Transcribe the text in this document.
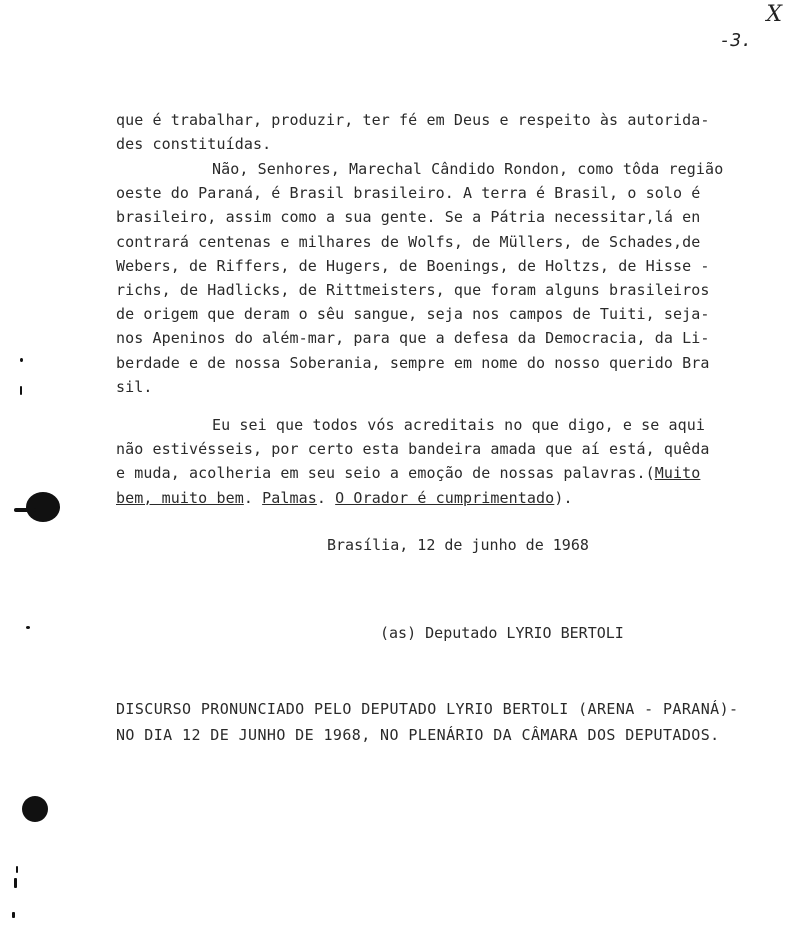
X
-3.
que é trabalhar, produzir, ter fé em Deus e respeito às autorida-
des constituídas.
Não, Senhores, Marechal Cândido Rondon, como tôda região
oeste do Paraná, é Brasil brasileiro. A terra é Brasil, o solo é
brasileiro, assim como a sua gente. Se a Pátria necessitar,lá en
contrará centenas e milhares de Wolfs, de Müllers, de Schades,de
Webers, de Riffers, de Hugers, de Boenings, de Holtzs, de Hisse -
richs, de Hadlicks, de Rittmeisters, que foram alguns brasileiros
de origem que deram o sêu sangue, seja nos campos de Tuiti, seja-
nos Apeninos do além-mar, para que a defesa da Democracia, da Li-
berdade e de nossa Soberania, sempre em nome do nosso querido Bra
sil.
Eu sei que todos vós acreditais no que digo, e se aqui
não estivésseis, por certo esta bandeira amada que aí está, quêda
e muda, acolheria em seu seio a emoção de nossas palavras.(Muito
bem, muito bem. Palmas. O Orador é cumprimentado).
Brasília, 12 de junho de 1968
(as) Deputado LYRIO BERTOLI
DISCURSO PRONUNCIADO PELO DEPUTADO LYRIO BERTOLI (ARENA - PARANÁ)-
NO DIA 12 DE JUNHO DE 1968, NO PLENÁRIO DA CÂMARA DOS DEPUTADOS.
